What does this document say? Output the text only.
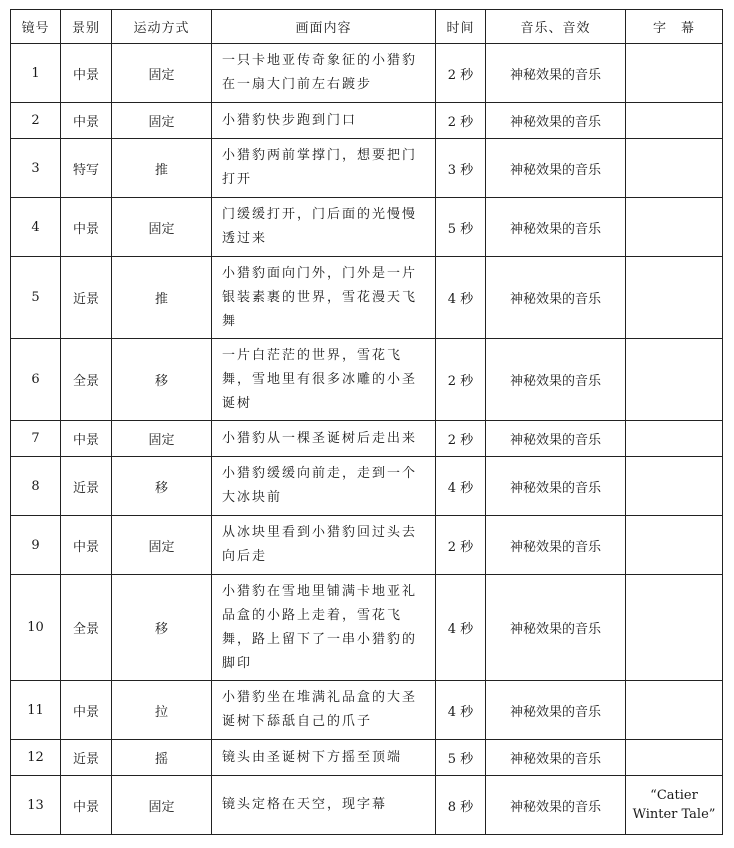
镜号	景别	运动方式	画面内容	时间	音乐、音效	字　幕
1	中景	固定	一只卡地亚传奇象征的小猎豹在一扇大门前左右踱步	2 秒	神秘效果的音乐	
2	中景	固定	小猎豹快步跑到门口	2 秒	神秘效果的音乐	
3	特写	推	小猎豹两前掌撑门，想要把门打开	3 秒	神秘效果的音乐	
4	中景	固定	门缓缓打开，门后面的光慢慢透过来	5 秒	神秘效果的音乐	
5	近景	推	小猎豹面向门外，门外是一片银装素裹的世界，雪花漫天飞舞	4 秒	神秘效果的音乐	
6	全景	移	一片白茫茫的世界，雪花飞舞，雪地里有很多冰雕的小圣诞树	2 秒	神秘效果的音乐	
7	中景	固定	小猎豹从一棵圣诞树后走出来	2 秒	神秘效果的音乐	
8	近景	移	小猎豹缓缓向前走，走到一个大冰块前	4 秒	神秘效果的音乐	
9	中景	固定	从冰块里看到小猎豹回过头去向后走	2 秒	神秘效果的音乐	
10	全景	移	小猎豹在雪地里铺满卡地亚礼品盒的小路上走着，雪花飞舞，路上留下了一串小猎豹的脚印	4 秒	神秘效果的音乐	
11	中景	拉	小猎豹坐在堆满礼品盒的大圣诞树下舔舐自己的爪子	4 秒	神秘效果的音乐	
12	近景	摇	镜头由圣诞树下方摇至顶端	5 秒	神秘效果的音乐	
13	中景	固定	镜头定格在天空，现字幕	8 秒	神秘效果的音乐	“Catier Winter Tale”
